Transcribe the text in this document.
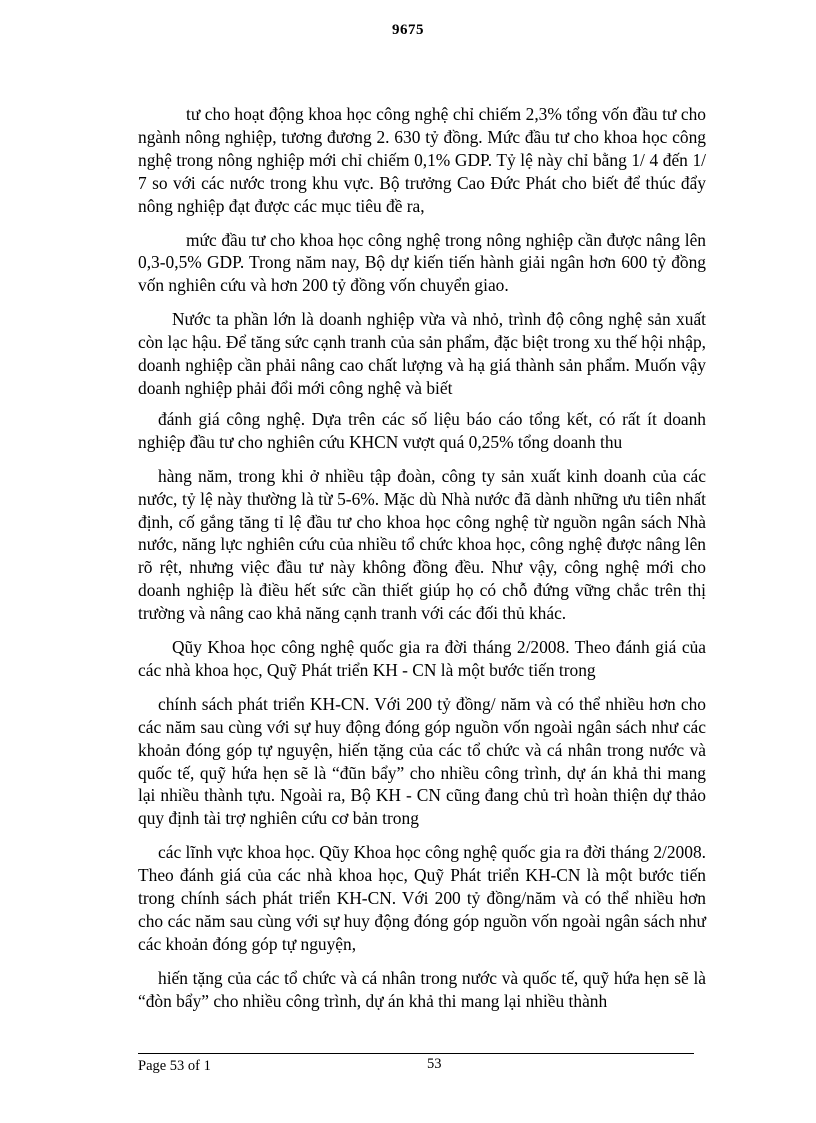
9675

tư cho hoạt động khoa học công nghệ chỉ chiếm 2,3% tổng vốn đầu tư cho ngành nông nghiệp, tương đương 2. 630 tỷ đồng. Mức đầu tư cho khoa học công nghệ trong nông nghiệp mới chỉ chiếm 0,1% GDP. Tỷ lệ này chỉ bằng 1/ 4 đến 1/ 7 so với các nước trong khu vực. Bộ trưởng Cao Đức Phát cho biết để thúc đẩy nông nghiệp đạt được các mục tiêu đề ra,

mức đầu tư cho khoa học công nghệ trong nông nghiệp cần được nâng lên 0,3-0,5% GDP. Trong năm nay, Bộ dự kiến tiến hành giải ngân hơn 600 tỷ đồng vốn nghiên cứu và hơn 200 tỷ đồng vốn chuyển giao.

Nước ta phần lớn là doanh nghiệp vừa và nhỏ, trình độ công nghệ sản xuất còn lạc hậu. Để tăng sức cạnh tranh của sản phẩm, đặc biệt trong xu thế hội nhập, doanh nghiệp cần phải nâng cao chất lượng và hạ giá thành sản phẩm. Muốn vậy doanh nghiệp phải đổi mới công nghệ và biết

đánh giá công nghệ. Dựa trên các số liệu báo cáo tổng kết, có rất ít doanh nghiệp đầu tư cho nghiên cứu KHCN vượt quá 0,25% tổng doanh thu

hàng năm, trong khi ở nhiều tập đoàn, công ty sản xuất kinh doanh của các nước, tỷ lệ này thường là từ 5-6%. Mặc dù Nhà nước đã dành những ưu tiên nhất định, cố gắng tăng tỉ lệ đầu tư cho khoa học công nghệ từ nguồn ngân sách Nhà nước, năng lực nghiên cứu của nhiều tổ chức khoa học, công nghệ được nâng lên rõ rệt, nhưng việc đầu tư này không đồng đều. Như vậy, công nghệ mới cho doanh nghiệp là điều hết sức cần thiết giúp họ có chỗ đứng vững chắc trên thị trường và nâng cao khả năng cạnh tranh với các đối thủ khác.

Qũy Khoa học công nghệ quốc gia ra đời tháng 2/2008. Theo đánh giá của các nhà khoa học, Quỹ Phát triển KH - CN là một bước tiến trong

chính sách phát triển KH-CN. Với 200 tỷ đồng/ năm và có thể nhiều hơn cho các năm sau cùng với sự huy động đóng góp nguồn vốn ngoài ngân sách như các khoản đóng góp tự nguyện, hiến tặng của các tổ chức và cá nhân trong nước và quốc tế, quỹ hứa hẹn sẽ là “đũn bẩy” cho nhiều công trình, dự án khả thi mang lại nhiều thành tựu. Ngoài ra, Bộ KH - CN cũng đang chủ trì hoàn thiện dự thảo quy định tài trợ nghiên cứu cơ bản trong

các lĩnh vực khoa học. Qũy Khoa học công nghệ quốc gia ra đời tháng 2/2008. Theo đánh giá của các nhà khoa học, Quỹ Phát triển KH-CN là một bước tiến trong chính sách phát triển KH-CN. Với 200 tỷ đồng/năm và có thể nhiều hơn cho các năm sau cùng với sự huy động đóng góp nguồn vốn ngoài ngân sách như các khoản đóng góp tự nguyện,

hiến tặng của các tổ chức và cá nhân trong nước và quốc tế, quỹ hứa hẹn sẽ là “đòn bẩy” cho nhiều công trình, dự án khả thi mang lại nhiều thành

Page 53 of 1	53
